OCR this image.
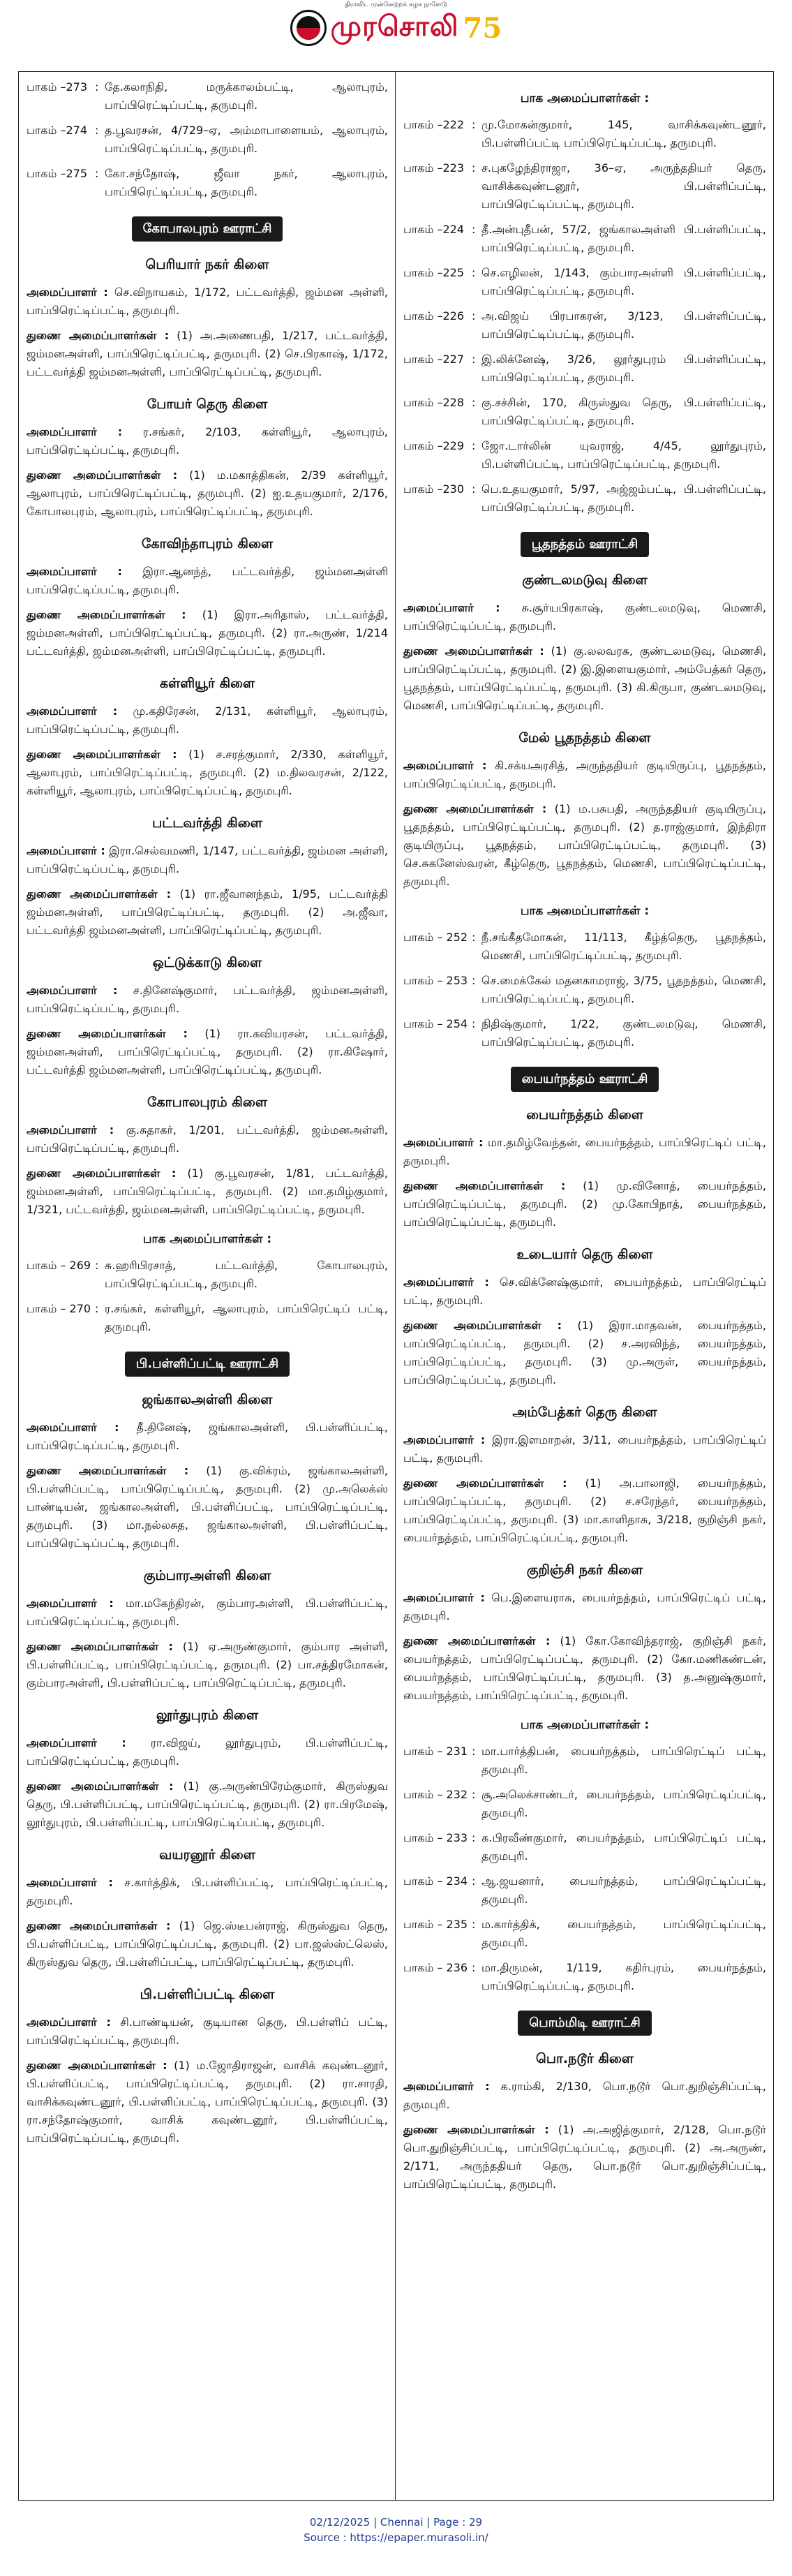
திராவிட முன்னேற்றக் கழக நாளேடு
முரசொலி 75
பாகம் –273 : தே.கலாநிதி, மருக்காலம்பட்டி, ஆலாபுரம், பாப்பிரெட்டிப்பட்டி, தருமபுரி.
பாகம் –274 : த.பூவரசன், 4/729–ஏ, அம்மாபாளையம், ஆலாபுரம், பாப்பிரெட்டிப்பட்டி, தருமபுரி.
பாகம் –275 : கோ.சந்தோஷ், ஜீவா நகர், ஆலாபுரம், பாப்பிரெட்டிப்பட்டி, தருமபுரி.
கோபாலபுரம் ஊராட்சி
பெரியார் நகர் கிளை
அமைப்பாளர் : செ.விநாயகம், 1/172, பட்டவர்த்தி, ஜம்மன அள்ளி, பாப்பிரெட்டிப்பட்டி, தருமபுரி.
துணை அமைப்பாளர்கள் : (1) அ.அணைபதி, 1/217, பட்டவர்த்தி, ஜம்மனஅள்ளி, பாப்பிரெட்டிப்பட்டி, தருமபுரி. (2) செ.பிரகாஷ், 1/172, பட்டவர்த்தி ஜம்மனஅள்ளி, பாப்பிரெட்டிப்பட்டி, தருமபுரி.
போயர் தெரு கிளை
அமைப்பாளர் : ர.சங்கர், 2/103, கள்ளியூர், ஆலாபுரம், பாப்பிரெட்டிப்பட்டி, தருமபுரி.
துணை அமைப்பாளர்கள் : (1) ம.மகாத்திகன், 2/39 கள்ளியூர், ஆலாபுரம், பாப்பிரெட்டிப்பட்டி, தருமபுரி. (2) ஐ.உதயகுமார், 2/176, கோபாலபுரம், ஆலாபுரம், பாப்பிரெட்டிப்பட்டி, தருமபுரி.
கோவிந்தாபுரம் கிளை
அமைப்பாளர் : இரா.ஆனந்த், பட்டவர்த்தி, ஜம்மனஅள்ளி பாப்பிரெட்டிப்பட்டி, தருமபுரி.
துணை அமைப்பாளர்கள் : (1) இரா.அரிதாஸ், பட்டவர்த்தி, ஜம்மனஅள்ளி, பாப்பிரெட்டிப்பட்டி, தருமபுரி. (2) ரா.அருண், 1/214 பட்டவர்த்தி, ஜம்மனஅள்ளி, பாப்பிரெட்டிப்பட்டி, தருமபுரி.
கள்ளியூர் கிளை
அமைப்பாளர் : மு.கதிரேசன், 2/131, கள்ளியூர், ஆலாபுரம், பாப்பிரெட்டிப்பட்டி, தருமபுரி.
துணை அமைப்பாளர்கள் : (1) ச.சரத்குமார், 2/330, கள்ளியூர், ஆலாபுரம், பாப்பிரெட்டிப்பட்டி, தருமபுரி. (2) ம.திலவரசன், 2/122, கள்ளியூர், ஆலாபுரம், பாப்பிரெட்டிப்பட்டி, தருமபுரி.
பட்டவர்த்தி கிளை
அமைப்பாளர் : இரா.செல்வமணி, 1/147, பட்டவர்த்தி, ஜம்மன அள்ளி, பாப்பிரெட்டிப்பட்டி, தருமபுரி.
துணை அமைப்பாளர்கள் : (1) ரா.ஜீவானந்தம், 1/95, பட்டவர்த்தி ஜம்மனஅள்ளி, பாப்பிரெட்டிப்பட்டி, தருமபுரி. (2) அ.ஜீவா, பட்டவர்த்தி ஜம்மனஅள்ளி, பாப்பிரெட்டிப்பட்டி, தருமபுரி.
ஒட்டுக்காடு கிளை
அமைப்பாளர் : ச.தினேஷ்குமார், பட்டவர்த்தி, ஜம்மனஅள்ளி, பாப்பிரெட்டிப்பட்டி, தருமபுரி.
துணை அமைப்பாளர்கள் : (1) ரா.கவியரசன், பட்டவர்த்தி, ஜம்மனஅள்ளி, பாப்பிரெட்டிப்பட்டி, தருமபுரி. (2) ரா.கிஷோர், பட்டவர்த்தி ஜம்மனஅள்ளி, பாப்பிரெட்டிப்பட்டி, தருமபுரி.
கோபாலபுரம் கிளை
அமைப்பாளர் : கு.சுதாகர், 1/201, பட்டவர்த்தி, ஜம்மனஅள்ளி, பாப்பிரெட்டிப்பட்டி, தருமபுரி.
துணை அமைப்பாளர்கள் : (1) கு.பூவரசன், 1/81, பட்டவர்த்தி, ஜம்மனஅள்ளி, பாப்பிரெட்டிப்பட்டி, தருமபுரி. (2) மா.தமிழ்குமார், 1/321, பட்டவர்த்தி, ஜம்மனஅள்ளி, பாப்பிரெட்டிப்பட்டி, தருமபுரி.
பாக அமைப்பாளர்கள் :
பாகம் – 269 : சு.ஹரிபிரசாத், பட்டவர்த்தி, கோபாலபுரம், பாப்பிரெட்டிப்பட்டி, தருமபுரி.
பாகம் – 270 : ர.சங்கர், கள்ளியூர், ஆலாபுரம், பாப்பிரெட்டிப் பட்டி, தருமபுரி.
பி.பள்ளிப்பட்டி ஊராட்சி
ஜங்காலஅள்ளி கிளை
அமைப்பாளர் : தீ.தினேஷ், ஜங்காலஅள்ளி, பி.பள்ளிப்பட்டி, பாப்பிரெட்டிப்பட்டி, தருமபுரி.
துணை அமைப்பாளர்கள் : (1) கு.விக்ரம், ஜங்காலஅள்ளி, பி.பள்ளிப்பட்டி, பாப்பிரெட்டிப்பட்டி, தருமபுரி. (2) மு.அலெக்ஸ் பாண்டியன், ஜங்காலஅள்ளி, பி.பள்ளிப்பட்டி, பாப்பிரெட்டிப்பட்டி, தருமபுரி. (3) மா.நல்லசுத, ஜங்காலஅள்ளி, பி.பள்ளிப்பட்டி, பாப்பிரெட்டிப்பட்டி, தருமபுரி.
கும்பாரஅள்ளி கிளை
அமைப்பாளர் : மா.மகேந்திரன், கும்பாரஅள்ளி, பி.பள்ளிப்பட்டி, பாப்பிரெட்டிப்பட்டி, தருமபுரி.
துணை அமைப்பாளர்கள் : (1) ஏ.அருண்குமார், கும்பார அள்ளி, பி.பள்ளிப்பட்டி, பாப்பிரெட்டிப்பட்டி, தருமபுரி. (2) பா.சத்திரமோகன், கும்பாரஅள்ளி, பி.பள்ளிப்பட்டி, பாப்பிரெட்டிப்பட்டி, தருமபுரி.
லூர்துபுரம் கிளை
அமைப்பாளர் : ரா.விஜய், லூர்துபுரம், பி.பள்ளிப்பட்டி, பாப்பிரெட்டிப்பட்டி, தருமபுரி.
துணை அமைப்பாளர்கள் : (1) கு.அருண்பிரேம்குமார், கிருஸ்துவ தெரு, பி.பள்ளிப்பட்டி, பாப்பிரெட்டிப்பட்டி, தருமபுரி. (2) ரா.பிரமேஷ், லூர்துபுரம், பி.பள்ளிப்பட்டி, பாப்பிரெட்டிப்பட்டி, தருமபுரி.
வயரனூர் கிளை
அமைப்பாளர் : ச.கார்த்திக், பி.பள்ளிப்பட்டி, பாப்பிரெட்டிப்பட்டி, தருமபுரி.
துணை அமைப்பாளர்கள் : (1) ஜெ.ஸ்டீபன்ராஜ், கிருஸ்துவ தெரு, பி.பள்ளிப்பட்டி, பாப்பிரெட்டிப்பட்டி, தருமபுரி. (2) பா.ஜஸ்ஸ்ட்லெஸ், கிருஸ்துவ தெரு, பி.பள்ளிப்பட்டி, பாப்பிரெட்டிப்பட்டி, தருமபுரி.
பி.பள்ளிப்பட்டி கிளை
அமைப்பாளர் : சி.பாண்டியன், குடியான தெரு, பி.பள்ளிப் பட்டி, பாப்பிரெட்டிப்பட்டி, தருமபுரி.
துணை அமைப்பாளர்கள் : (1) ம.ஜோதிராஜன், வாசிக் கவுண்டனூர், பி.பள்ளிப்பட்டி, பாப்பிரெட்டிப்பட்டி, தருமபுரி. (2) ரா.சாரதி, வாசிக்கவுண்டனூர், பி.பள்ளிப்பட்டி, பாப்பிரெட்டிப்பட்டி, தருமபுரி. (3) ரா.சந்தோஷ்குமார், வாசிக் கவுண்டனூர், பி.பள்ளிப்பட்டி, பாப்பிரெட்டிப்பட்டி, தருமபுரி.
பாக அமைப்பாளர்கள் :
பாகம் –222 : மு.மோகன்குமார், 145, வாசிக்கவுண்டனூர், பி.பள்ளிப்பட்டி பாப்பிரெட்டிப்பட்டி, தருமபுரி.
பாகம் –223 : ச.புகழேந்திராஜா, 36–ஏ, அருந்ததியர் தெரு, வாசிக்கவுண்டனூர், பி.பள்ளிப்பட்டி, பாப்பிரெட்டிப்பட்டி, தருமபுரி.
பாகம் –224 : தீ.அன்புதீபன், 57/2, ஜங்காலஅள்ளி பி.பள்ளிப்பட்டி, பாப்பிரெட்டிப்பட்டி, தருமபுரி.
பாகம் –225 : செ.எழிலன், 1/143, கும்பாரஅள்ளி பி.பள்ளிப்பட்டி, பாப்பிரெட்டிப்பட்டி, தருமபுரி.
பாகம் –226 : அ.விஜய் பிரபாகரன், 3/123, பி.பள்ளிப்பட்டி, பாப்பிரெட்டிப்பட்டி, தருமபுரி.
பாகம் –227 : இ.லிக்னேஷ், 3/26, லூர்துபுரம் பி.பள்ளிப்பட்டி, பாப்பிரெட்டிப்பட்டி, தருமபுரி.
பாகம் –228 : கு.சச்சின், 170, கிருஸ்துவ தெரு, பி.பள்ளிப்பட்டி, பாப்பிரெட்டிப்பட்டி, தருமபுரி.
பாகம் –229 : ஜோ.டார்லின் யுவராஜ், 4/45, லூர்துபுரம், பி.பள்ளிப்பட்டி, பாப்பிரெட்டிப்பட்டி, தருமபுரி.
பாகம் –230 : பெ.உதயகுமார், 5/97, அஜ்ஜம்பட்டி, பி.பள்ளிப்பட்டி, பாப்பிரெட்டிப்பட்டி, தருமபுரி.
பூதநத்தம் ஊராட்சி
குண்டலமடுவு கிளை
அமைப்பாளர் : சு.சூர்யபிரகாஷ், குண்டலமடுவு, மெணசி, பாப்பிரெட்டிப்பட்டி, தருமபுரி.
துணை அமைப்பாளர்கள் : (1) கு.லலவரசு, குண்டலமடுவு, மெணசி, பாப்பிரெட்டிப்பட்டி, தருமபுரி. (2) இ.இளையகுமார், அம்பேத்கர் தெரு, பூதநத்தம், பாப்பிரெட்டிப்பட்டி, தருமபுரி. (3) கி.கிருபா, குண்டலமடுவு, மெணசி, பாப்பிரெட்டிப்பட்டி, தருமபுரி.
மேல் பூதநத்தம் கிளை
அமைப்பாளர் : கி.சக்யஅரசித், அருந்ததியர் குடியிருப்பு, பூதநத்தம், பாப்பிரெட்டிப்பட்டி, தருமபுரி.
துணை அமைப்பாளர்கள் : (1) ம.பசுபதி, அருந்ததியர் குடியிருப்பு, பூதநத்தம், பாப்பிரெட்டிப்பட்டி, தருமபுரி. (2) த.ராஜ்குமார், இந்திரா குடியிருப்பு, பூதநத்தம், பாப்பிரெட்டிப்பட்டி, தருமபுரி. (3) செ.சுகனேஸ்வரன், கீழ்தெரு, பூதநத்தம், மெணசி, பாப்பிரெட்டிப்பட்டி, தருமபுரி.
பாக அமைப்பாளர்கள் :
பாகம் – 252 : நீ.சங்கீதமோகன், 11/113, கீழ்த்தெரு, பூதநத்தம், மெணசி, பாப்பிரெட்டிப்பட்டி, தருமபுரி.
பாகம் – 253 : செ.மைக்கேல் மதனகாமராஜ், 3/75, பூதநத்தம், மெணசி, பாப்பிரெட்டிப்பட்டி, தருமபுரி.
பாகம் – 254 : நிதிஷ்குமார், 1/22, குண்டலமடுவு, மெணசி, பாப்பிரெட்டிப்பட்டி, தருமபுரி.
பையர்நத்தம் ஊராட்சி
பையர்நத்தம் கிளை
அமைப்பாளர் : மா.தமிழ்வேந்தன், பையர்நத்தம், பாப்பிரெட்டிப் பட்டி, தருமபுரி.
துணை அமைப்பாளர்கள் : (1) மு.வினோத், பையர்நத்தம், பாப்பிரெட்டிப்பட்டி, தருமபுரி. (2) மு.கோபிநாத், பையர்நத்தம், பாப்பிரெட்டிப்பட்டி, தருமபுரி.
உடையார் தெரு கிளை
அமைப்பாளர் : செ.விக்னேஷ்குமார், பையர்நத்தம், பாப்பிரெட்டிப் பட்டி, தருமபுரி.
துணை அமைப்பாளர்கள் : (1) இரா.மாதவன், பையர்நத்தம், பாப்பிரெட்டிப்பட்டி, தருமபுரி. (2) ச.அரவிந்த், பையர்நத்தம், பாப்பிரெட்டிப்பட்டி, தருமபுரி. (3) மு.அருள், பையர்நத்தம், பாப்பிரெட்டிப்பட்டி, தருமபுரி.
அம்பேத்கர் தெரு கிளை
அமைப்பாளர் : இரா.இளமாறன், 3/11, பையர்நத்தம், பாப்பிரெட்டிப் பட்டி, தருமபுரி.
துணை அமைப்பாளர்கள் : (1) அ.பாலாஜி, பையர்நத்தம், பாப்பிரெட்டிப்பட்டி, தருமபுரி. (2) ச.சரேந்தர், பையர்நத்தம், பாப்பிரெட்டிப்பட்டி, தருமபுரி. (3) மா.காளிதாசு, 3/218, குறிஞ்சி நகர், பையர்நத்தம், பாப்பிரெட்டிப்பட்டி, தருமபுரி.
குறிஞ்சி நகர் கிளை
அமைப்பாளர் : பெ.இளையராசு, பையர்நத்தம், பாப்பிரெட்டிப் பட்டி, தருமபுரி.
துணை அமைப்பாளர்கள் : (1) கோ.கோவிந்தராஜ், குறிஞ்சி நகர், பையர்நத்தம், பாப்பிரெட்டிப்பட்டி, தருமபுரி. (2) கோ.மணிகண்டன், பையர்நத்தம், பாப்பிரெட்டிப்பட்டி, தருமபுரி. (3) த.அனுஷ்குமார், பையர்நத்தம், பாப்பிரெட்டிப்பட்டி, தருமபுரி.
பாக அமைப்பாளர்கள் :
பாகம் – 231 : மா.பார்த்திபன், பையர்நத்தம், பாப்பிரெட்டிப் பட்டி, தருமபுரி.
பாகம் – 232 : சூ.அலெக்சாண்டர், பையர்நத்தம், பாப்பிரெட்டிப்பட்டி, தருமபுரி.
பாகம் – 233 : க.பிரவீண்குமார், பையர்நத்தம், பாப்பிரெட்டிப் பட்டி, தருமபுரி.
பாகம் – 234 : ஆ.ஜயனார், பையர்நத்தம், பாப்பிரெட்டிப்பட்டி, தருமபுரி.
பாகம் – 235 : ம.கார்த்திக், பையர்நத்தம், பாப்பிரெட்டிப்பட்டி, தருமபுரி.
பாகம் – 236 : மா.திருமன், 1/119, கதிர்புரம், பையர்நத்தம், பாப்பிரெட்டிப்பட்டி, தருமபுரி.
பொம்மிடி ஊராட்சி
பொ.நடூர் கிளை
அமைப்பாளர் : க.ராம்கி, 2/130, பொ.நடூர் பொ.துறிஞ்சிப்பட்டி, தருமபுரி.
துணை அமைப்பாளர்கள் : (1) அ.அஜித்குமார், 2/128, பொ.நடூர் பொ.துறிஞ்சிப்பட்டி, பாப்பிரெட்டிப்பட்டி, தருமபுரி. (2) அ.அருண், 2/171, அருந்ததியர் தெரு, பொ.நடூர் பொ.துறிஞ்சிப்பட்டி, பாப்பிரெட்டிப்பட்டி, தருமபுரி.
02/12/2025 | Chennai | Page : 29
Source : https://epaper.murasoli.in/
